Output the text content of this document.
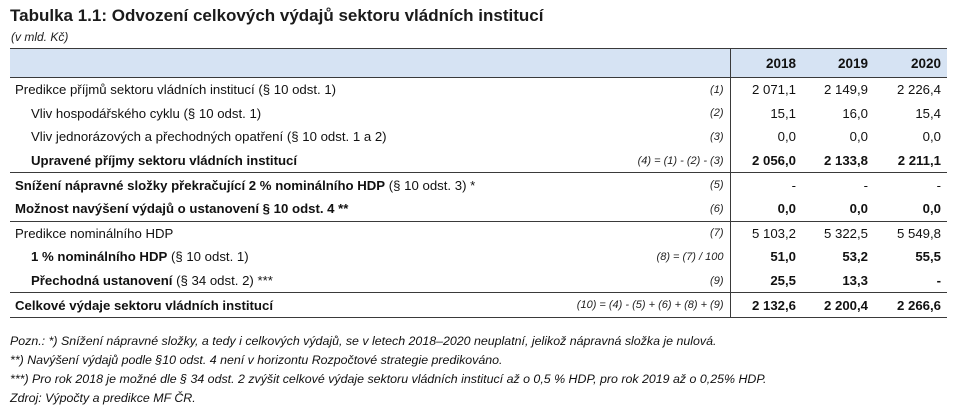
Tabulka 1.1: Odvození celkových výdajů sektoru vládních institucí
(v mld. Kč)
		2018	2019	2020
Predikce příjmů sektoru vládních institucí (§ 10 odst. 1)	(1)	2 071,1	2 149,9	2 226,4
Vliv hospodářského cyklu (§ 10 odst. 1)	(2)	15,1	16,0	15,4
Vliv jednorázových a přechodných opatření (§ 10 odst. 1 a 2)	(3)	0,0	0,0	0,0
Upravené příjmy sektoru vládních institucí	(4) = (1) - (2) - (3)	2 056,0	2 133,8	2 211,1
Snížení nápravné složky překračující 2 % nominálního HDP (§ 10 odst. 3) *	(5)	-	-	-
Možnost navýšení výdajů o ustanovení § 10 odst. 4 **	(6)	0,0	0,0	0,0
Predikce nominálního HDP	(7)	5 103,2	5 322,5	5 549,8
1 % nominálního HDP (§ 10 odst. 1)	(8) = (7) / 100	51,0	53,2	55,5
Přechodná ustanovení (§ 34 odst. 2) ***	(9)	25,5	13,3	-
Celkové výdaje sektoru vládních institucí	(10) = (4) - (5) + (6) + (8) + (9)	2 132,6	2 200,4	2 266,6
Pozn.: *) Snížení nápravné složky, a tedy i celkových výdajů, se v letech 2018–2020 neuplatní, jelikož nápravná složka je nulová.
**) Navýšení výdajů podle §10 odst. 4 není v horizontu Rozpočtové strategie predikováno.
***) Pro rok 2018 je možné dle § 34 odst. 2 zvýšit celkové výdaje sektoru vládních institucí až o 0,5 % HDP, pro rok 2019 až o 0,25% HDP.
Zdroj: Výpočty a predikce MF ČR.
